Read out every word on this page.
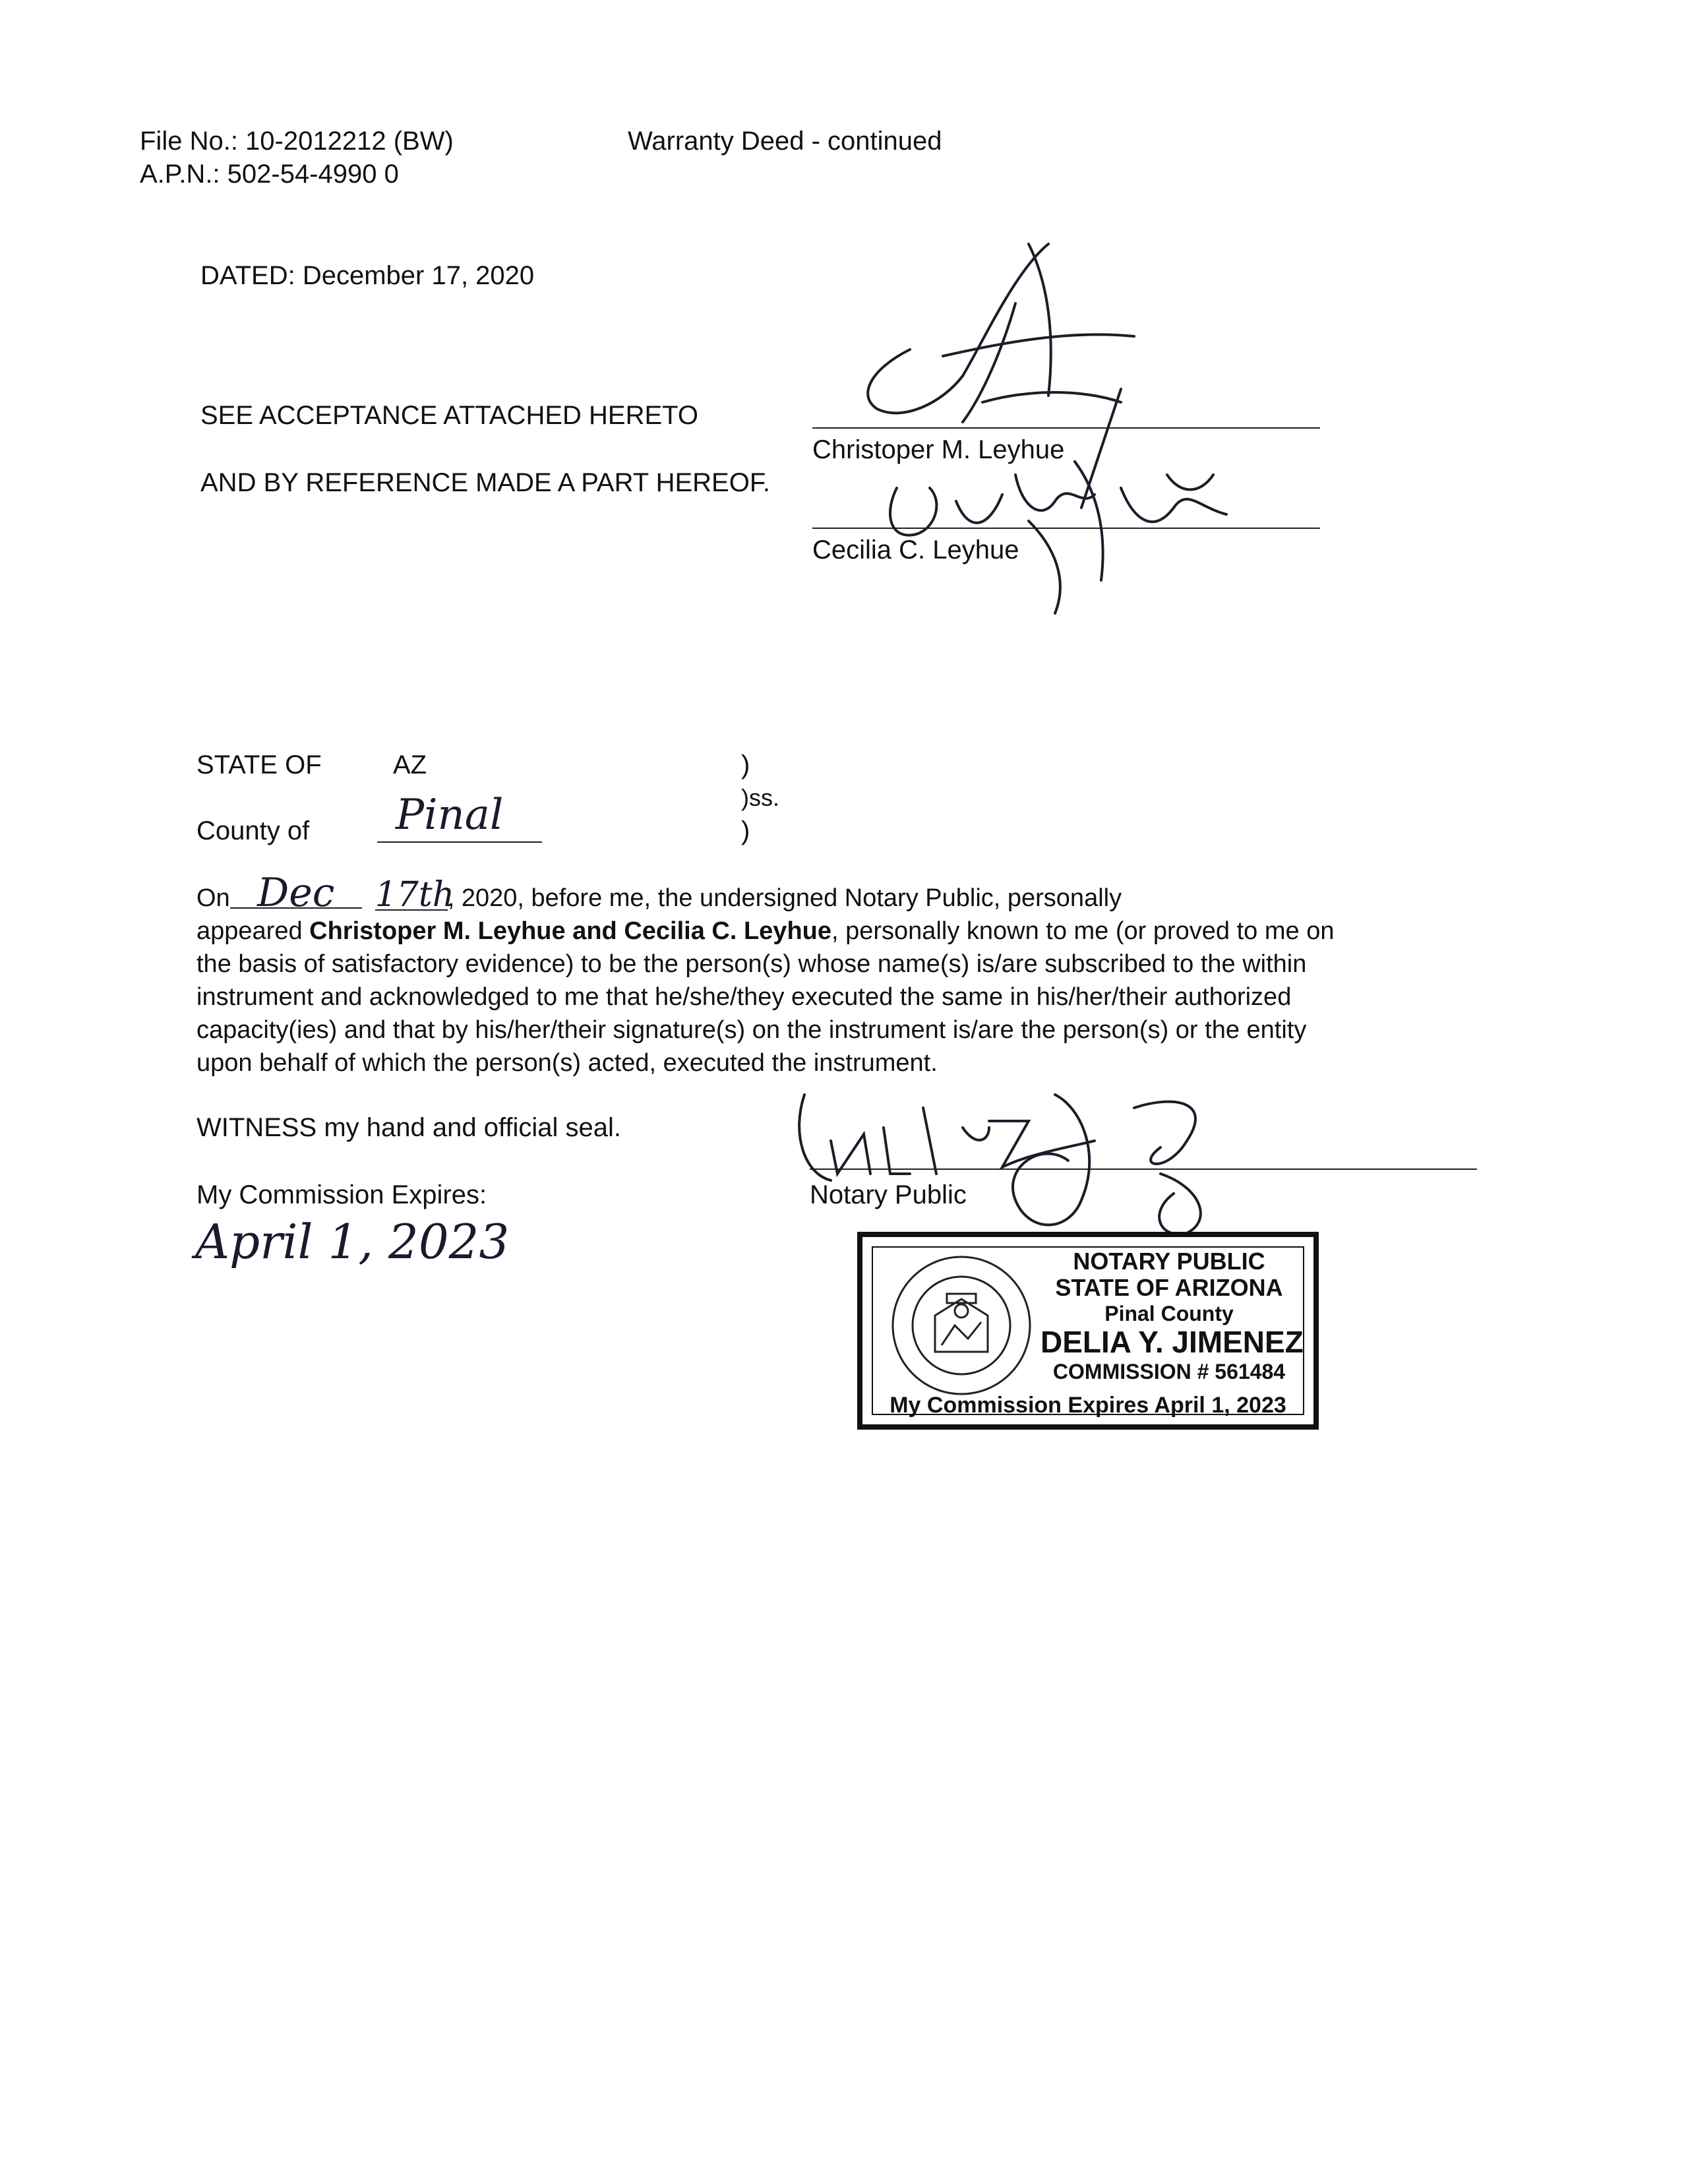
File No.: 10-2012212 (BW)
A.P.N.: 502-54-4990 0
Warranty Deed - continued
DATED: December 17, 2020
SEE ACCEPTANCE ATTACHED HERETO
AND BY REFERENCE MADE A PART HEREOF.
Christoper M. Leyhue
Cecilia C. Leyhue
STATE OF	AZ
County of Pinal
)
)ss.
)

On Dec 17th, 2020, before me, the undersigned Notary Public, personally

appeared Christoper M. Leyhue and Cecilia C. Leyhue, personally known to me (or proved to me on

the basis of satisfactory evidence) to be the person(s) whose name(s) is/are subscribed to the within

instrument and acknowledged to me that he/she/they executed the same in his/her/their authorized

capacity(ies) and that by his/her/their signature(s) on the instrument is/are the person(s) or the entity

upon behalf of which the person(s) acted, executed the instrument.

WITNESS my hand and official seal.
My Commission Expires:
April 1, 2023
Notary Public
NOTARY PUBLIC
STATE OF ARIZONA
Pinal County
DELIA Y. JIMENEZ
COMMISSION # 561484
My Commission Expires April 1, 2023
